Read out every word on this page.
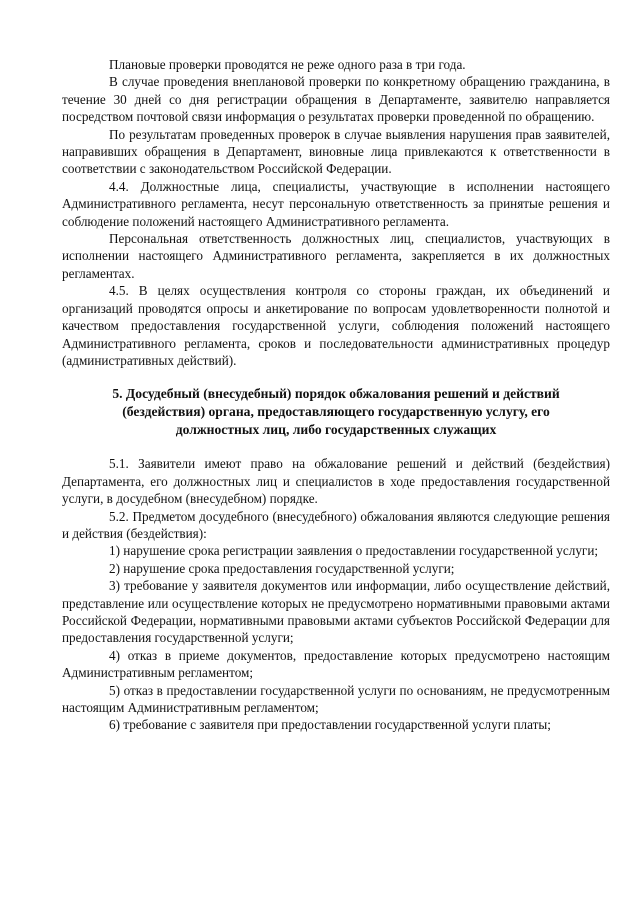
Плановые проверки проводятся не реже одного раза в три года.

В случае проведения внеплановой проверки по конкретному обращению гражданина, в течение 30 дней со дня регистрации обращения в Департаменте, заявителю направляется посредством почтовой связи информация о результатах проверки проведенной по обращению.

По результатам проведенных проверок в случае выявления нарушения прав заявителей, направивших обращения в Департамент, виновные лица привлекаются к ответственности в соответствии с законодательством Российской Федерации.

4.4. Должностные лица, специалисты, участвующие в исполнении настоящего Административного регламента, несут персональную ответственность за принятые решения и соблюдение положений настоящего Административного регламента.

Персональная ответственность должностных лиц, специалистов, участвующих в исполнении настоящего Административного регламента, закрепляется в их должностных регламентах.

4.5. В целях осуществления контроля со стороны граждан, их объединений и организаций проводятся опросы и анкетирование по вопросам удовлетворенности полнотой и качеством предоставления государственной услуги, соблюдения положений настоящего Административного регламента, сроков и последовательности административных процедур (административных действий).

5. Досудебный (внесудебный) порядок обжалования решений и действий
(бездействия) органа, предоставляющего государственную услугу, его
должностных лиц, либо государственных служащих

5.1. Заявители имеют право на обжалование решений и действий (бездействия) Департамента, его должностных лиц и специалистов в ходе предоставления государственной услуги, в досудебном (внесудебном) порядке.

5.2. Предметом досудебного (внесудебного) обжалования являются следующие решения и действия (бездействия):

1) нарушение срока регистрации заявления о предоставлении государственной услуги;

2) нарушение срока предоставления государственной услуги;

3) требование у заявителя документов или информации, либо осуществление действий, представление или осуществление которых не предусмотрено нормативными правовыми актами Российской Федерации, нормативными правовыми актами субъектов Российской Федерации для предоставления государственной услуги;

4) отказ в приеме документов, предоставление которых предусмотрено настоящим Административным регламентом;

5) отказ в предоставлении государственной услуги по основаниям, не предусмотренным настоящим Административным регламентом;

6) требование с заявителя при предоставлении государственной услуги платы;
